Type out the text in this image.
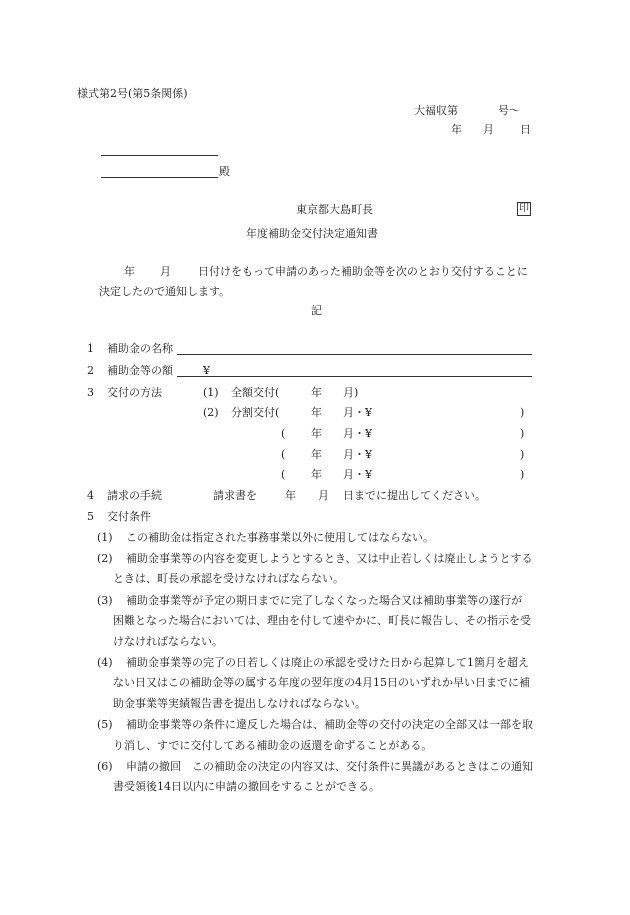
様式第2号(第5条関係)
大福収第	号〜
年 月 日
殿
東京都大島町長	印
年度補助金交付決定通知書
年 月 日付けをもって申請のあった補助金等を次のとおり交付することに
決定したので通知します。
記
1 補助金の名称
2 補助金等の額	¥
3 交付の方法	(1) 全額交付(	年 月)
(2) 分割交付(	年 月・¥	)
( 年 月・¥	)
( 年 月・¥	)
( 年 月・¥	)
4 請求の手続	請求書を	年 月 日までに提出してください。
5 交付条件
(1) この補助金は指定された事務事業以外に使用してはならない。
(2) 補助金事業等の内容を変更しようとするとき、又は中止若しくは廃止しようとする
ときは、町長の承認を受けなければならない。
(3) 補助金事業等が予定の期日までに完了しなくなった場合又は補助事業等の遂行が
困難となった場合においては、理由を付して速やかに、町長に報告し、その指示を受
けなければならない。
(4) 補助金事業等の完了の日若しくは廃止の承認を受けた日から起算して1箇月を超え
ない日又はこの補助金等の属する年度の翌年度の4月15日のいずれか早い日までに補
助金事業等実績報告書を提出しなければならない。
(5) 補助金事業等の条件に違反した場合は、補助金等の交付の決定の全部又は一部を取
り消し、すでに交付してある補助金の返還を命ずることがある。
(6) 申請の撤回　この補助金の決定の内容又は、交付条件に異議があるときはこの通知
書受領後14日以内に申請の撤回をすることができる。
